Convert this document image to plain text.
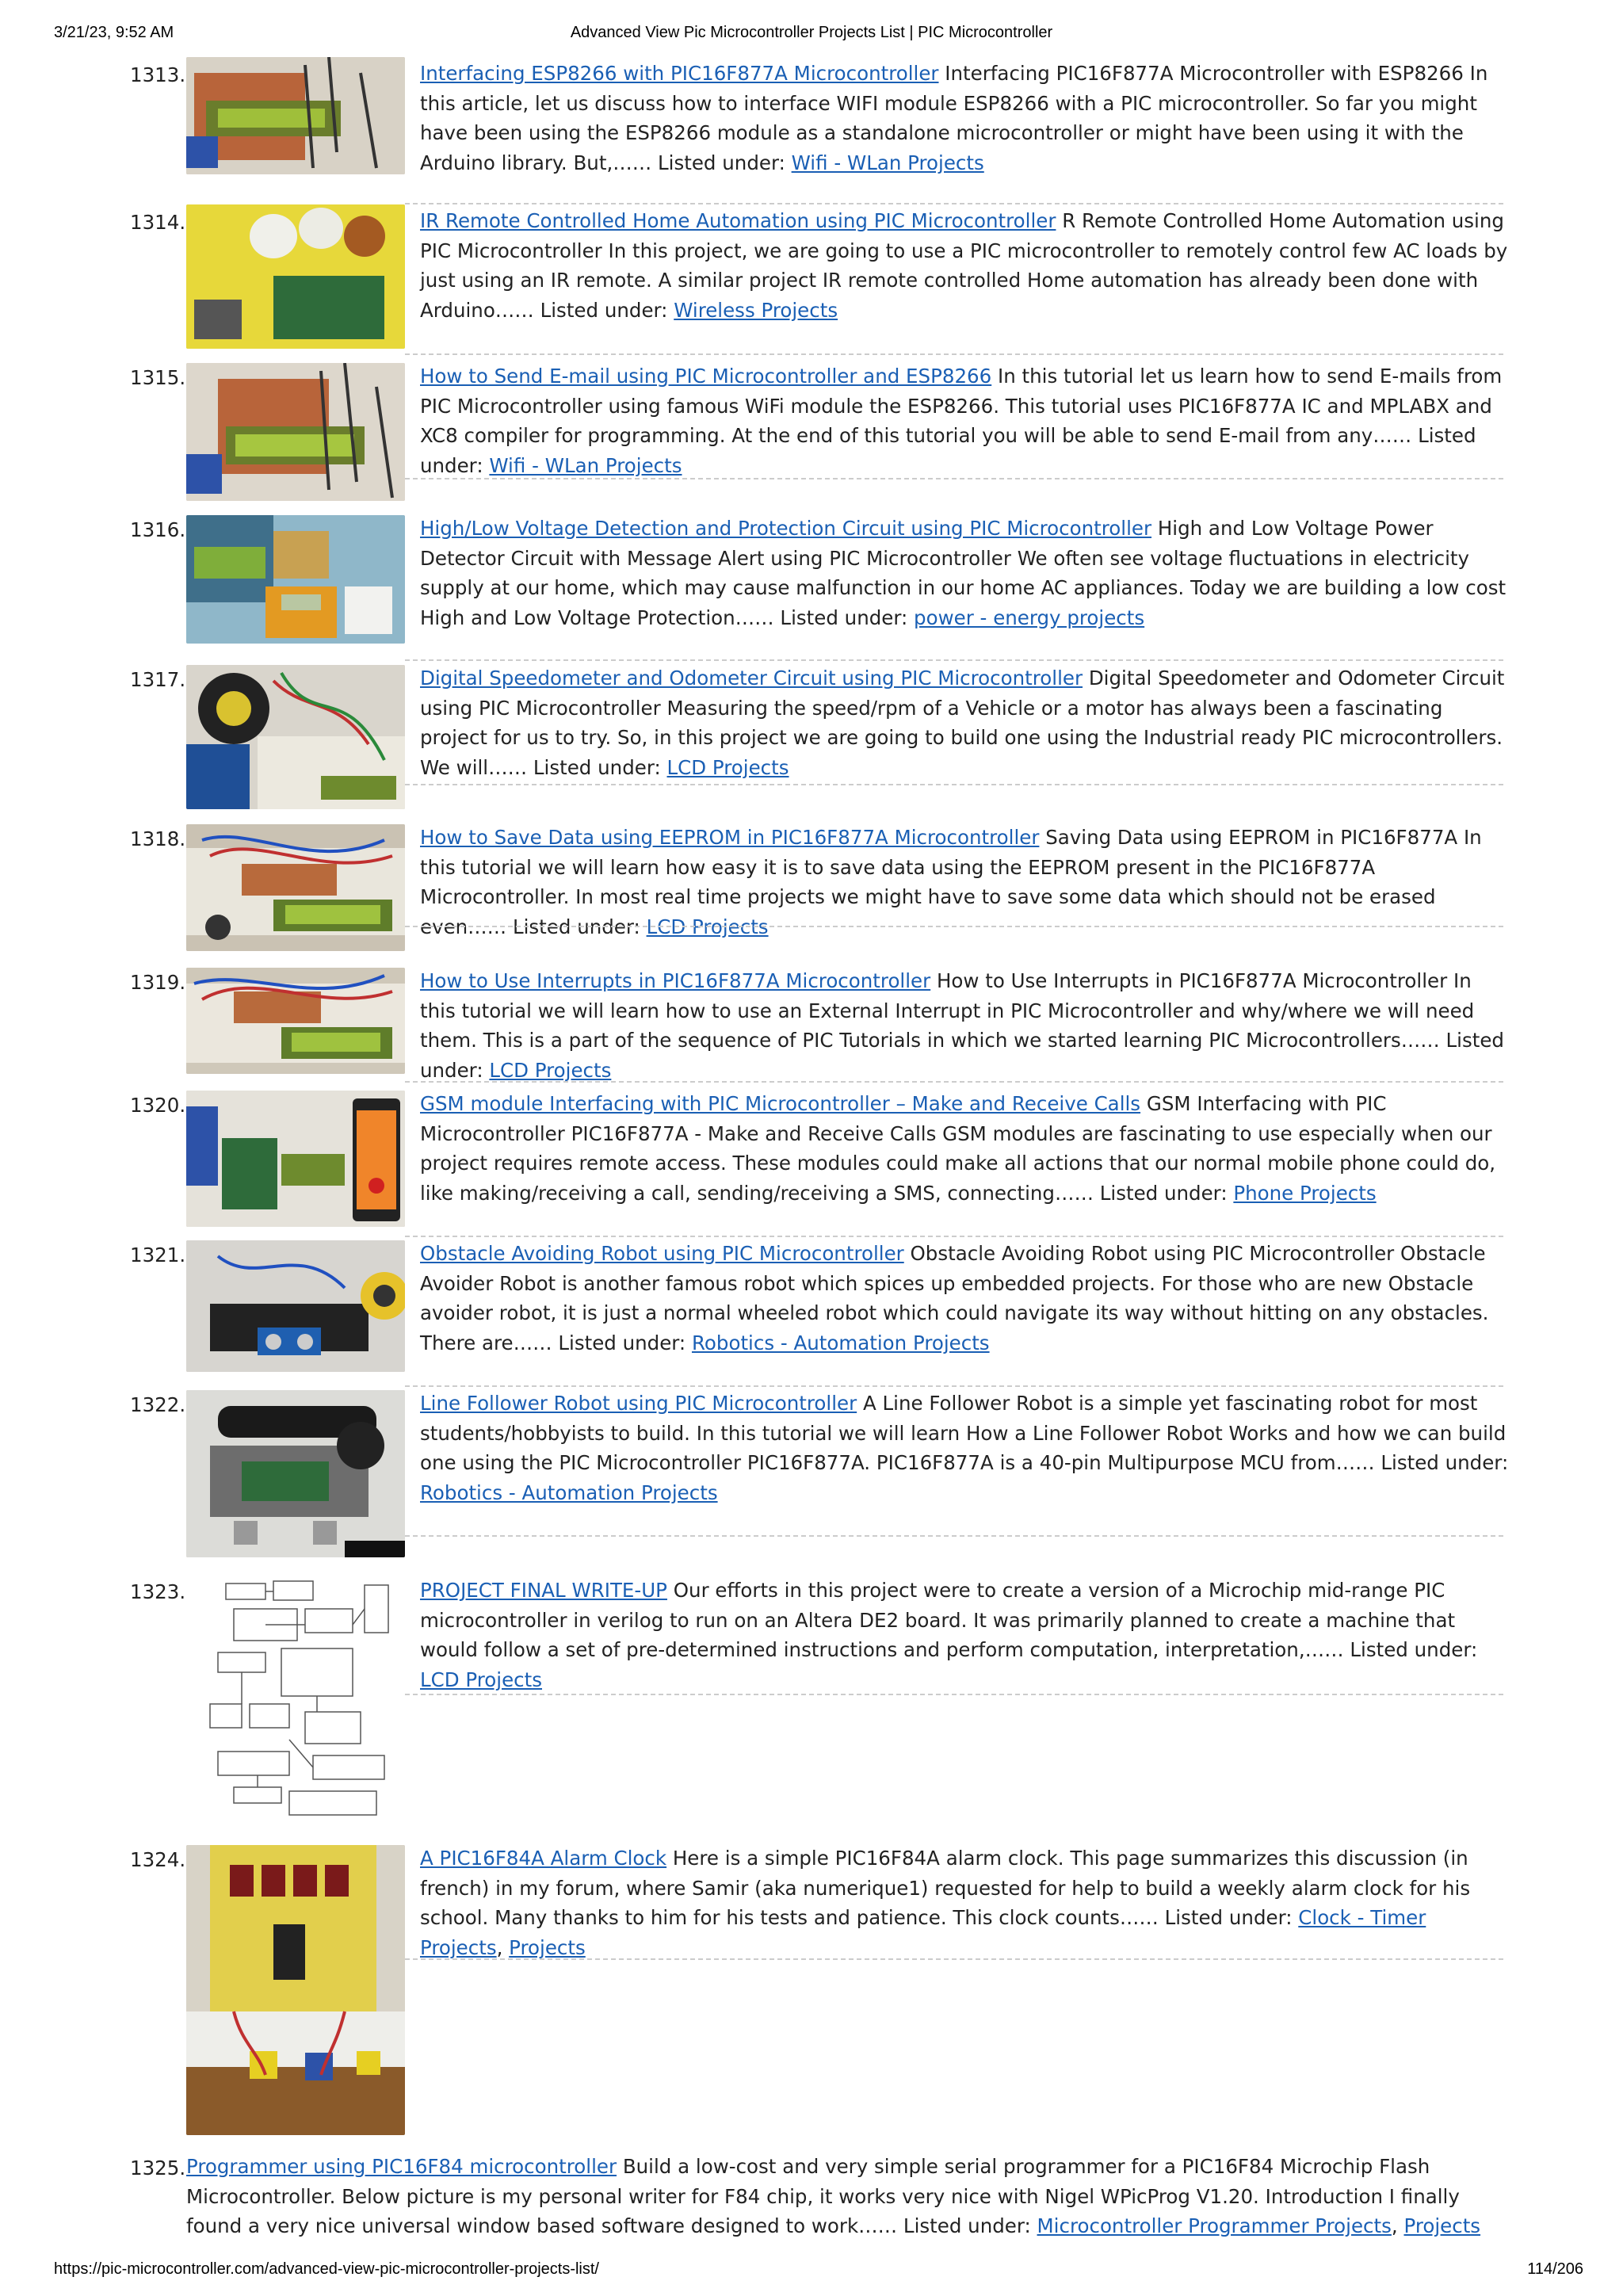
3/21/23, 9:52 AM	Advanced View Pic Microcontroller Projects List | PIC Microcontroller
1313.	Interfacing ESP8266 with PIC16F877A Microcontroller Interfacing PIC16F877A Microcontroller with ESP8266 In this article, let us discuss how to interface WIFI module ESP8266 with a PIC microcontroller. So far you might have been using the ESP8266 module as a standalone microcontroller or might have been using it with the Arduino library. But,…… Listed under: Wifi - WLan Projects

1314.	IR Remote Controlled Home Automation using PIC Microcontroller R Remote Controlled Home Automation using PIC Microcontroller In this project, we are going to use a PIC microcontroller to remotely control few AC loads by just using an IR remote. A similar project IR remote controlled Home automation has already been done with Arduino…… Listed under: Wireless Projects

1315.	How to Send E-mail using PIC Microcontroller and ESP8266 In this tutorial let us learn how to send E-mails from PIC Microcontroller using famous WiFi module the ESP8266. This tutorial uses PIC16F877A IC and MPLABX and XC8 compiler for programming. At the end of this tutorial you will be able to send E-mail from any…… Listed under: Wifi - WLan Projects

1316.	High/Low Voltage Detection and Protection Circuit using PIC Microcontroller High and Low Voltage Power Detector Circuit with Message Alert using PIC Microcontroller We often see voltage fluctuations in electricity supply at our home, which may cause malfunction in our home AC appliances. Today we are building a low cost High and Low Voltage Protection…… Listed under: power - energy projects

1317.	Digital Speedometer and Odometer Circuit using PIC Microcontroller Digital Speedometer and Odometer Circuit using PIC Microcontroller Measuring the speed/rpm of a Vehicle or a motor has always been a fascinating project for us to try. So, in this project we are going to build one using the Industrial ready PIC microcontrollers. We will…… Listed under: LCD Projects

1318.	How to Save Data using EEPROM in PIC16F877A Microcontroller Saving Data using EEPROM in PIC16F877A In this tutorial we will learn how easy it is to save data using the EEPROM present in the PIC16F877A Microcontroller. In most real time projects we might have to save some data which should not be erased even…… Listed under: LCD Projects

1319.	How to Use Interrupts in PIC16F877A Microcontroller How to Use Interrupts in PIC16F877A Microcontroller In this tutorial we will learn how to use an External Interrupt in PIC Microcontroller and why/where we will need them. This is a part of the sequence of PIC Tutorials in which we started learning PIC Microcontrollers…… Listed under: LCD Projects

1320.	GSM module Interfacing with PIC Microcontroller – Make and Receive Calls GSM Interfacing with PIC Microcontroller PIC16F877A - Make and Receive Calls GSM modules are fascinating to use especially when our project requires remote access. These modules could make all actions that our normal mobile phone could do, like making/receiving a call, sending/receiving a SMS, connecting…… Listed under: Phone Projects

1321.	Obstacle Avoiding Robot using PIC Microcontroller Obstacle Avoiding Robot using PIC Microcontroller Obstacle Avoider Robot is another famous robot which spices up embedded projects. For those who are new Obstacle avoider robot, it is just a normal wheeled robot which could navigate its way without hitting on any obstacles. There are…… Listed under: Robotics - Automation Projects

1322.	Line Follower Robot using PIC Microcontroller A Line Follower Robot is a simple yet fascinating robot for most students/hobbyists to build. In this tutorial we will learn How a Line Follower Robot Works and how we can build one using the PIC Microcontroller PIC16F877A. PIC16F877A is a 40-pin Multipurpose MCU from…… Listed under: Robotics - Automation Projects

1323.	PROJECT FINAL WRITE-UP Our efforts in this project were to create a version of a Microchip mid-range PIC microcontroller in verilog to run on an Altera DE2 board. It was primarily planned to create a machine that would follow a set of pre-determined instructions and perform computation, interpretation,…… Listed under: LCD Projects

1324.	A PIC16F84A Alarm Clock Here is a simple PIC16F84A alarm clock. This page summarizes this discussion (in french) in my forum, where Samir (aka numerique1) requested for help to build a weekly alarm clock for his school. Many thanks to him for his tests and patience. This clock counts…… Listed under: Clock - Timer Projects, Projects

1325. Programmer using PIC16F84 microcontroller Build a low-cost and very simple serial programmer for a PIC16F84 Microchip Flash Microcontroller. Below picture is my personal writer for F84 chip, it works very nice with Nigel WPicProg V1.20. Introduction I finally found a very nice universal window based software designed to work…… Listed under: Microcontroller Programmer Projects, Projects

https://pic-microcontroller.com/advanced-view-pic-microcontroller-projects-list/	114/206
